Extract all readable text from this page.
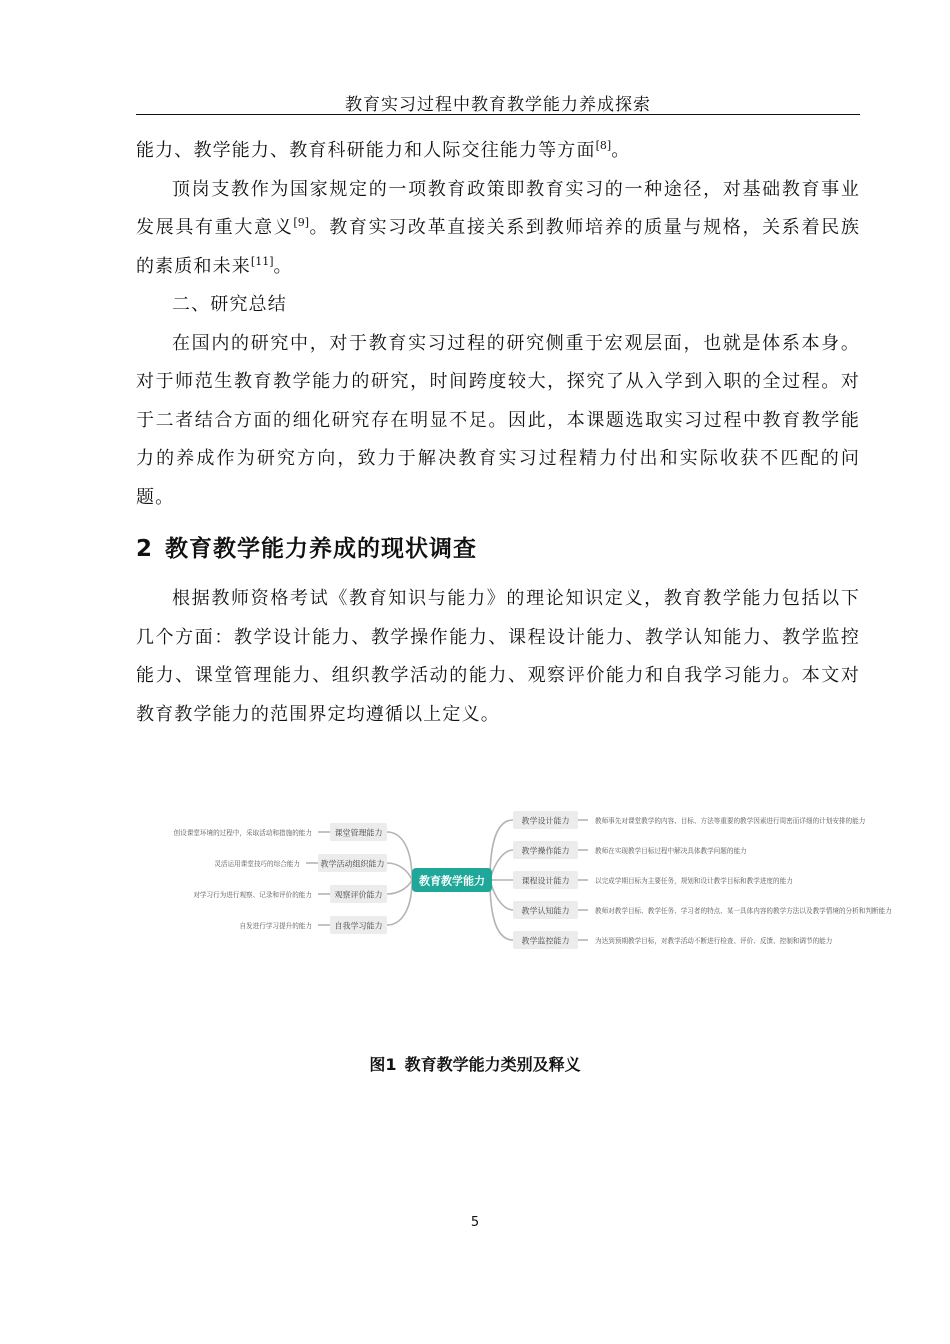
教育实习过程中教育教学能力养成探索

能力、教学能力、教育科研能力和人际交往能力等方面[8]。

顶岗支教作为国家规定的一项教育政策即教育实习的一种途径，对基础教育事业发展具有重大意义[9]。教育实习改革直接关系到教师培养的质量与规格，关系着民族的素质和未来[11]。

二、研究总结

在国内的研究中，对于教育实习过程的研究侧重于宏观层面，也就是体系本身。对于师范生教育教学能力的研究，时间跨度较大，探究了从入学到入职的全过程。对于二者结合方面的细化研究存在明显不足。因此，本课题选取实习过程中教育教学能力的养成作为研究方向，致力于解决教育实习过程精力付出和实际收获不匹配的问题。

2 教育教学能力养成的现状调查

根据教师资格考试《教育知识与能力》的理论知识定义，教育教学能力包括以下几个方面：教学设计能力、教学操作能力、课程设计能力、教学认知能力、教学监控能力、课堂管理能力、组织教学活动的能力、观察评价能力和自我学习能力。本文对教育教学能力的范围界定均遵循以上定义。

教育教学能力
教学设计能力	教师事先对课堂教学的内容、目标、方法等重要的教学因素进行周密而详细的计划安排的能力
教学操作能力	教师在实现教学目标过程中解决具体教学问题的能力
课程设计能力	以完成学期目标为主要任务，规划和设计教学目标和教学进度的能力
教学认知能力	教师对教学目标、教学任务、学习者的特点、某一具体内容的教学方法以及教学情境的分析和判断能力
教学监控能力	为达到预期教学目标，对教学活动不断进行检查、评价、反馈、控制和调节的能力
课堂管理能力
创设课堂环境的过程中，采取活动和措施的能力
教学活动组织能力
灵活运用课堂技巧的综合能力
观察评价能力
对学习行为进行观察、记录和评价的能力
自我学习能力
自发进行学习提升的能力
图1 教育教学能力类别及释义
5
